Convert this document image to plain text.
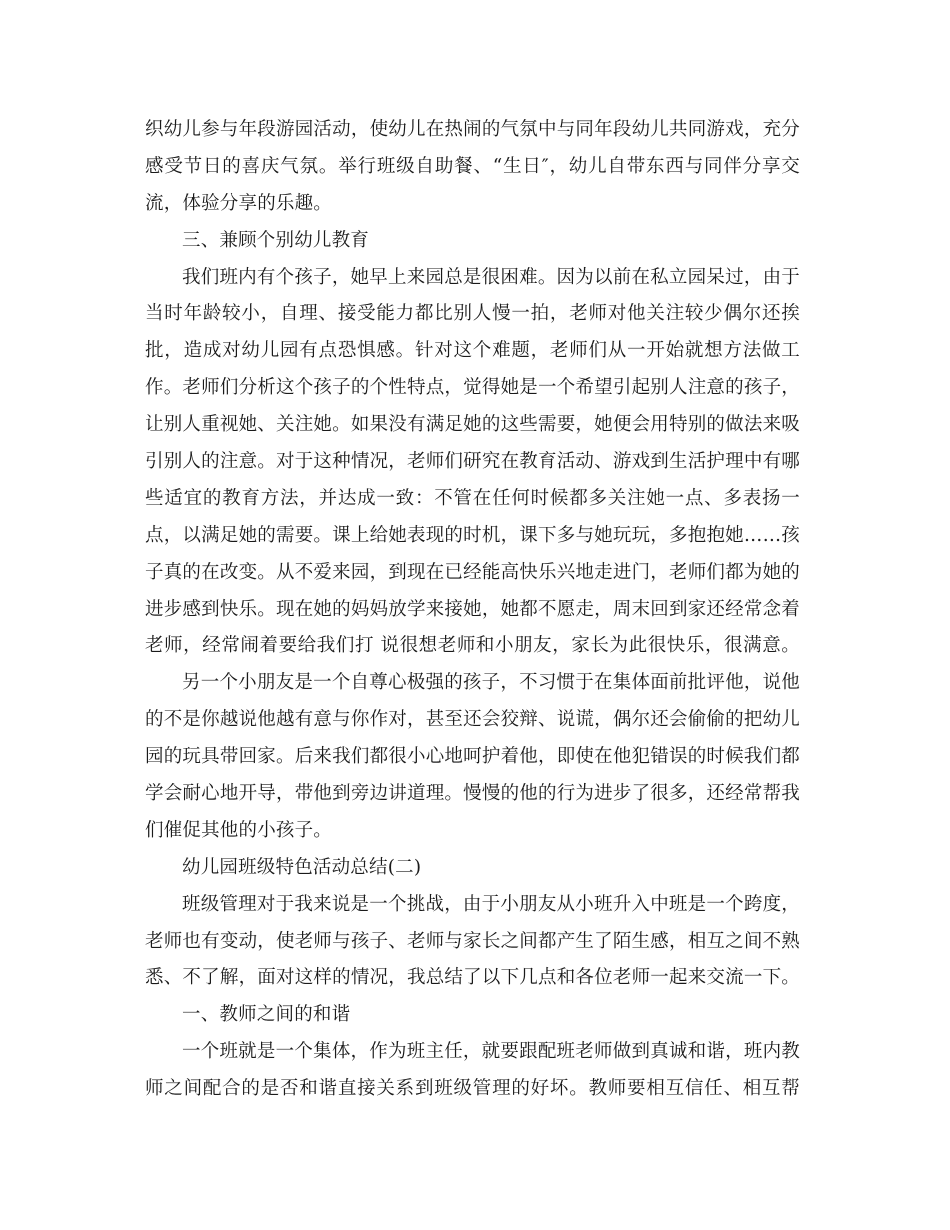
织幼儿参与年段游园活动，使幼儿在热闹的气氛中与同年段幼儿共同游戏，充分
感受节日的喜庆气氛。举行班级自助餐、“生日″，幼儿自带东西与同伴分享交
流，体验分享的乐趣。
三、兼顾个别幼儿教育
我们班内有个孩子，她早上来园总是很困难。因为以前在私立园呆过，由于
当时年龄较小，自理、接受能力都比别人慢一拍，老师对他关注较少偶尔还挨
批，造成对幼儿园有点恐惧感。针对这个难题，老师们从一开始就想方法做工
作。老师们分析这个孩子的个性特点，觉得她是一个希望引起别人注意的孩子，
让别人重视她、关注她。如果没有满足她的这些需要，她便会用特别的做法来吸
引别人的注意。对于这种情况，老师们研究在教育活动、游戏到生活护理中有哪
些适宜的教育方法，并达成一致：不管在任何时候都多关注她一点、多表扬一
点，以满足她的需要。课上给她表现的时机，课下多与她玩玩，多抱抱她……孩
子真的在改变。从不爱来园，到现在已经能高快乐兴地走进门，老师们都为她的
进步感到快乐。现在她的妈妈放学来接她，她都不愿走，周末回到家还经常念着
老师，经常闹着要给我们打 说很想老师和小朋友，家长为此很快乐，很满意。
另一个小朋友是一个自尊心极强的孩子，不习惯于在集体面前批评他，说他
的不是你越说他越有意与你作对，甚至还会狡辩、说谎，偶尔还会偷偷的把幼儿
园的玩具带回家。后来我们都很小心地呵护着他，即使在他犯错误的时候我们都
学会耐心地开导，带他到旁边讲道理。慢慢的他的行为进步了很多，还经常帮我
们催促其他的小孩子。
幼儿园班级特色活动总结(二)
班级管理对于我来说是一个挑战，由于小朋友从小班升入中班是一个跨度，
老师也有变动，使老师与孩子、老师与家长之间都产生了陌生感，相互之间不熟
悉、不了解，面对这样的情况，我总结了以下几点和各位老师一起来交流一下。
一、教师之间的和谐
一个班就是一个集体，作为班主任，就要跟配班老师做到真诚和谐，班内教
师之间配合的是否和谐直接关系到班级管理的好坏。教师要相互信任、相互帮
